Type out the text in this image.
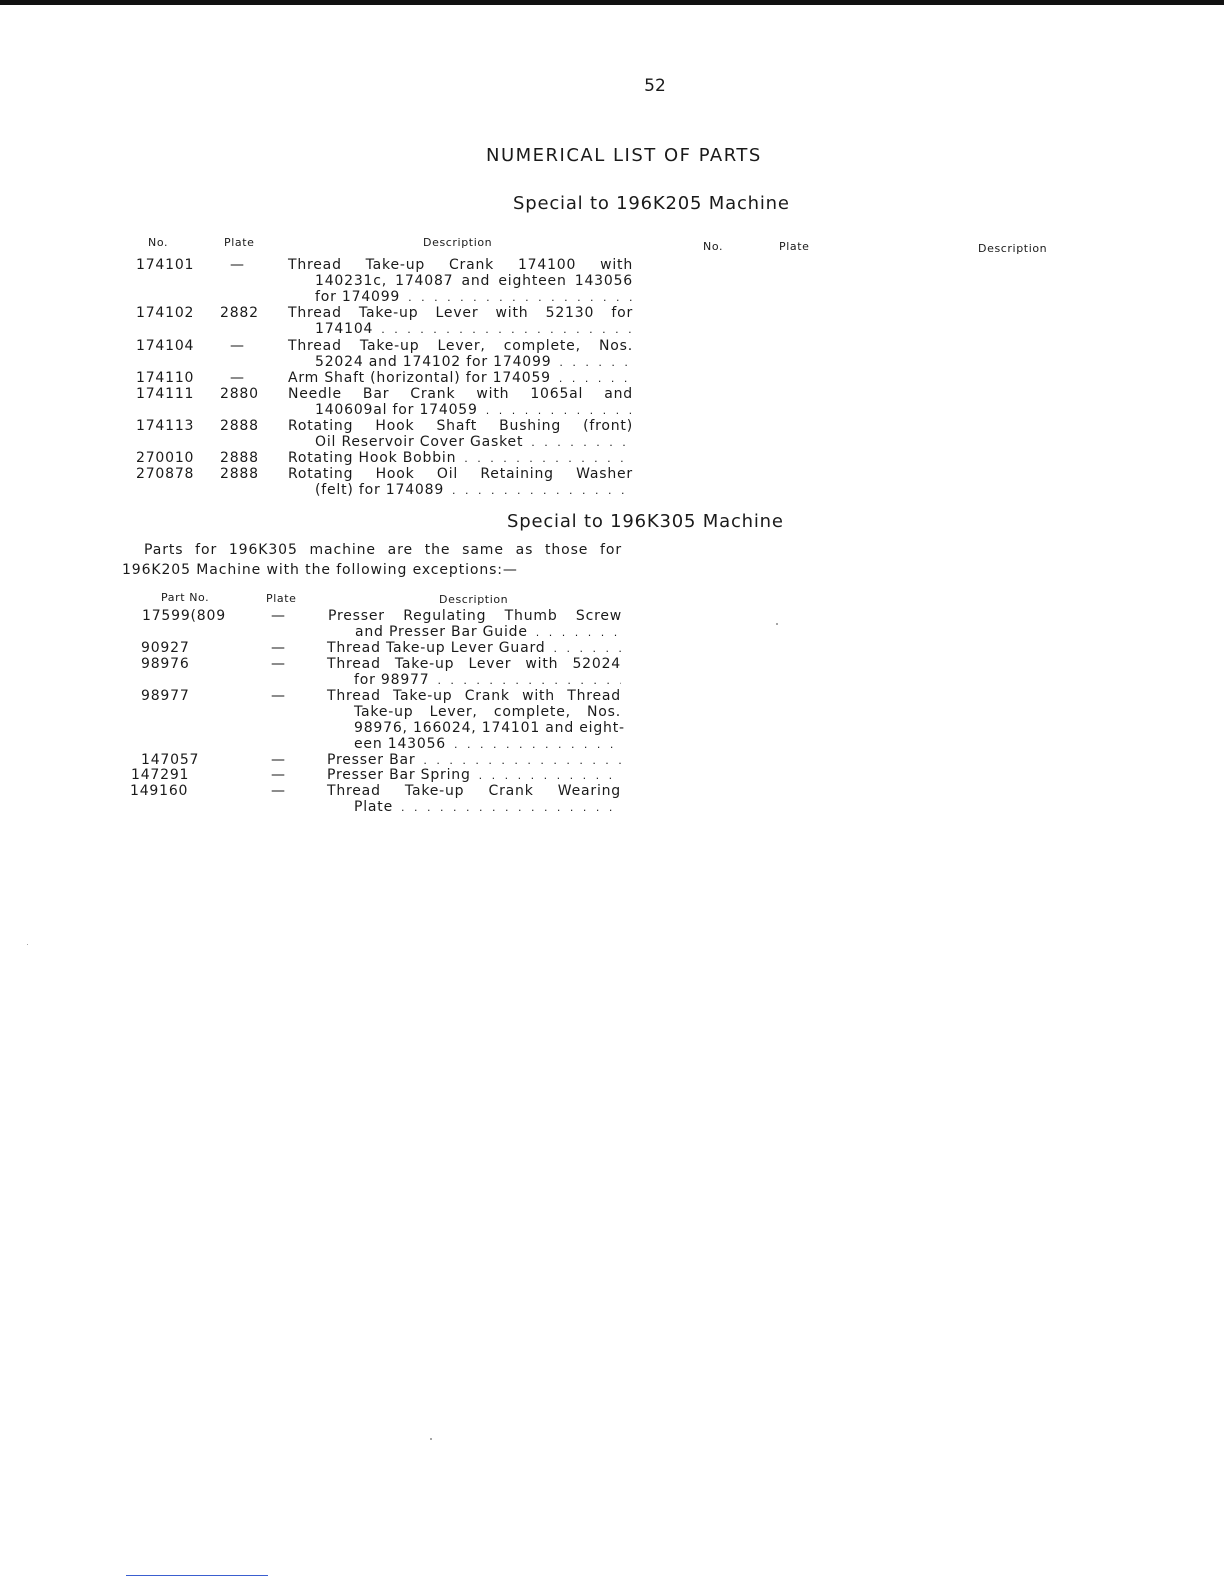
52
NUMERICAL LIST OF PARTS
Special to 196K205 Machine
No.	Plate	Description	No.	Plate	Description
174101	—	Thread Take-up Crank 174100 with
140231c, 174087 and eighteen 143056
for 174099
. . .
174102 2882 Thread Take-up Lever with 52130 for
174104
. . .
174104	—	Thread Take-up Lever, complete, Nos.
52024 and 174102 for 174099
. . .
174110	—	Arm Shaft (horizontal) for 174059
. . .
174111 2880 Needle Bar Crank with 1065al and
140609al for 174059
. . .
174113 2888 Rotating Hook Shaft Bushing (front)
Oil Reservoir Cover Gasket
. . .
270010 2888 Rotating Hook Bobbin
. . .
270878 2888 Rotating Hook Oil Retaining Washer
(felt) for 174089
. . .
Special to 196K305 Machine
Parts for 196K305 machine are the same as those for
196K205 Machine with the following exceptions:—
Part No.	Plate	Description
17599(809	—	Presser Regulating Thumb Screw
and Presser Bar Guide
. . .
90927	—	Thread Take-up Lever Guard
. . .
98976	—	Thread Take-up Lever with 52024
for 98977
. . .
98977	—	Thread Take-up Crank with Thread
Take-up Lever, complete, Nos.
98976, 166024, 174101 and eight-
een 143056
. . .
147057	—	Presser Bar
. . .
147291	—	Presser Bar Spring
. . .
149160	—	Thread Take-up Crank Wearing
Plate
. . .
